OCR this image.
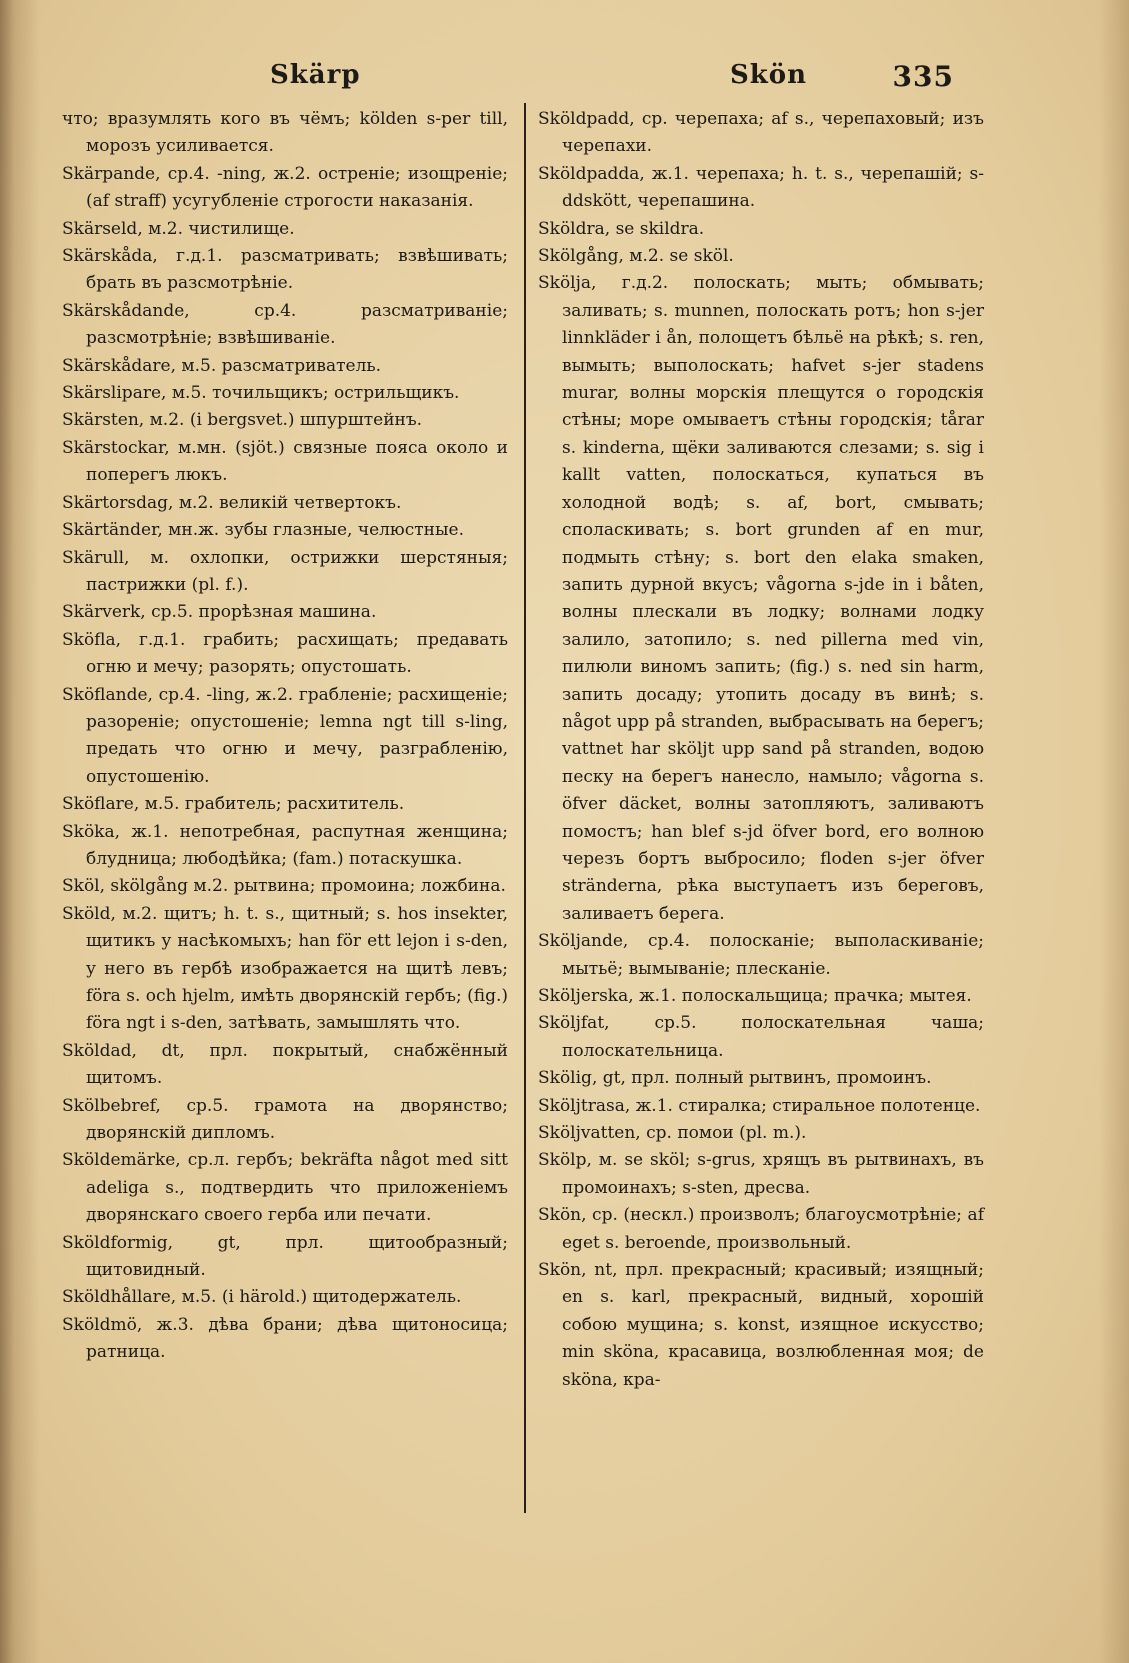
Skärp	Skön	335

что; вразумлять кого въ чёмъ; kölden s-per till, морозъ усиливается.

Skärpande, ср.4. -ning, ж.2. остреніе; изощреніе; (af straff) усугубленіе строгости наказанія.

Skärseld, м.2. чистилище.

Skärskåda, г.д.1. разсматривать; взвѣшивать; брать въ разсмотрѣніе.

Skärskådande, ср.4. разсматриваніе; разсмотрѣніе; взвѣшиваніе.

Skärskådare, м.5. разсматриватель.

Skärslipare, м.5. точильщикъ; острильщикъ.

Skärsten, м.2. (i bergsvet.) шпурштейнъ.

Skärstockar, м.мн. (sjöt.) связные пояса около и поперегъ люкъ.

Skärtorsdag, м.2. великій четвертокъ.

Skärtänder, мн.ж. зубы глазные, челюстные.

Skärull, м. охлопки, острижки шерстяныя; пастрижки (pl. f.).

Skärverk, ср.5. прорѣзная машина.

Sköfla, г.д.1. грабить; расхищать; предавать огню и мечу; разорять; опустошать.

Sköflande, ср.4. -ling, ж.2. грабленіе; расхищеніе; разореніе; опустошеніе; lemna ngt till s-ling, предать что огню и мечу, разграбленію, опустошенію.

Sköflare, м.5. грабитель; расхититель.

Sköka, ж.1. непотребная, распутная женщина; блудница; любодѣйка; (fam.) потаскушка.

Sköl, skölgång м.2. рытвина; промоина; ложбина.

Sköld, м.2. щитъ; h. t. s., щитный; s. hos insekter, щитикъ у насѣкомыхъ; han för ett lejon i s-den, у него въ гербѣ изображается на щитѣ левъ; föra s. och hjelm, имѣть дворянскій гербъ; (fig.) föra ngt i s-den, затѣвать, замышлять что.

Sköldad, dt, прл. покрытый, снабжённый щитомъ.

Skölbebref, ср.5. грамота на дворянство; дворянскій дипломъ.

Sköldemärke, ср.л. гербъ; bekräfta något med sitt adeliga s., подтвердить что приложеніемъ дворянскаго своего герба или печати.

Sköldformig, gt, прл. щитообразный; щитовидный.

Sköldhållare, м.5. (i härold.) щитодержатель.

Sköldmö, ж.3. дѣва брани; дѣва щитоносица; ратница.

Sköldpadd, ср. черепаха; af s., черепаховый; изъ черепахи.

Sköldpadda, ж.1. черепаха; h. t. s., черепашій; s-ddskött, черепашина.

Sköldra, se skildra.

Skölgång, м.2. se sköl.

Skölja, г.д.2. полоскать; мыть; обмывать; заливать; s. munnen, полоскать ротъ; hon s-jer linnkläder i ån, полощетъ бѣльё на рѣкѣ; s. ren, вымыть; выполоскать; hafvet s-jer stadens murar, волны морскія плещутся о городскія стѣны; море омываетъ стѣны городскія; tårar s. kinderna, щёки заливаются слезами; s. sig i kallt vatten, полоскаться, купаться въ холодной водѣ; s. af, bort, смывать; споласкивать; s. bort grunden af en mur, подмыть стѣну; s. bort den elaka smaken, запить дурной вкусъ; vågorna s-jde in i båten, волны плескали въ лодку; волнами лодку залило, затопило; s. ned pillerna med vin, пилюли виномъ запить; (fig.) s. ned sin harm, запить досаду; утопить досаду въ винѣ; s. något upp på stranden, выбрасывать на берегъ; vattnet har sköljt upp sand på stranden, водою песку на берегъ нанесло, намыло; vågorna s. öfver däcket, волны затопляютъ, заливаютъ помостъ; han blef s-jd öfver bord, его волною черезъ бортъ выбросило; floden s-jer öfver stränderna, рѣка выступаетъ изъ береговъ, заливаетъ берега.

Sköljande, ср.4. полосканіе; выполаскиваніе; мытьё; вымываніе; плесканіе.

Sköljerska, ж.1. полоскальщица; прачка; мытея.

Sköljfat, ср.5. полоскательная чаша; полоскательница.

Skölig, gt, прл. полный рытвинъ, промоинъ.

Sköljtrasa, ж.1. стиралка; стиральное полотенце.

Sköljvatten, ср. помои (pl. m.).

Skölp, м. se sköl; s-grus, хрящъ въ рытвинахъ, въ промоинахъ; s-sten, дресва.

Skön, ср. (нескл.) произволъ; благоусмотрѣніе; af eget s. beroende, произвольный.

Skön, nt, прл. прекрасный; красивый; изящный; en s. karl, прекрасный, видный, хорошій собою мущина; s. konst, изящное искусство; min sköna, красавица, возлюбленная моя; de sköna, кра-
